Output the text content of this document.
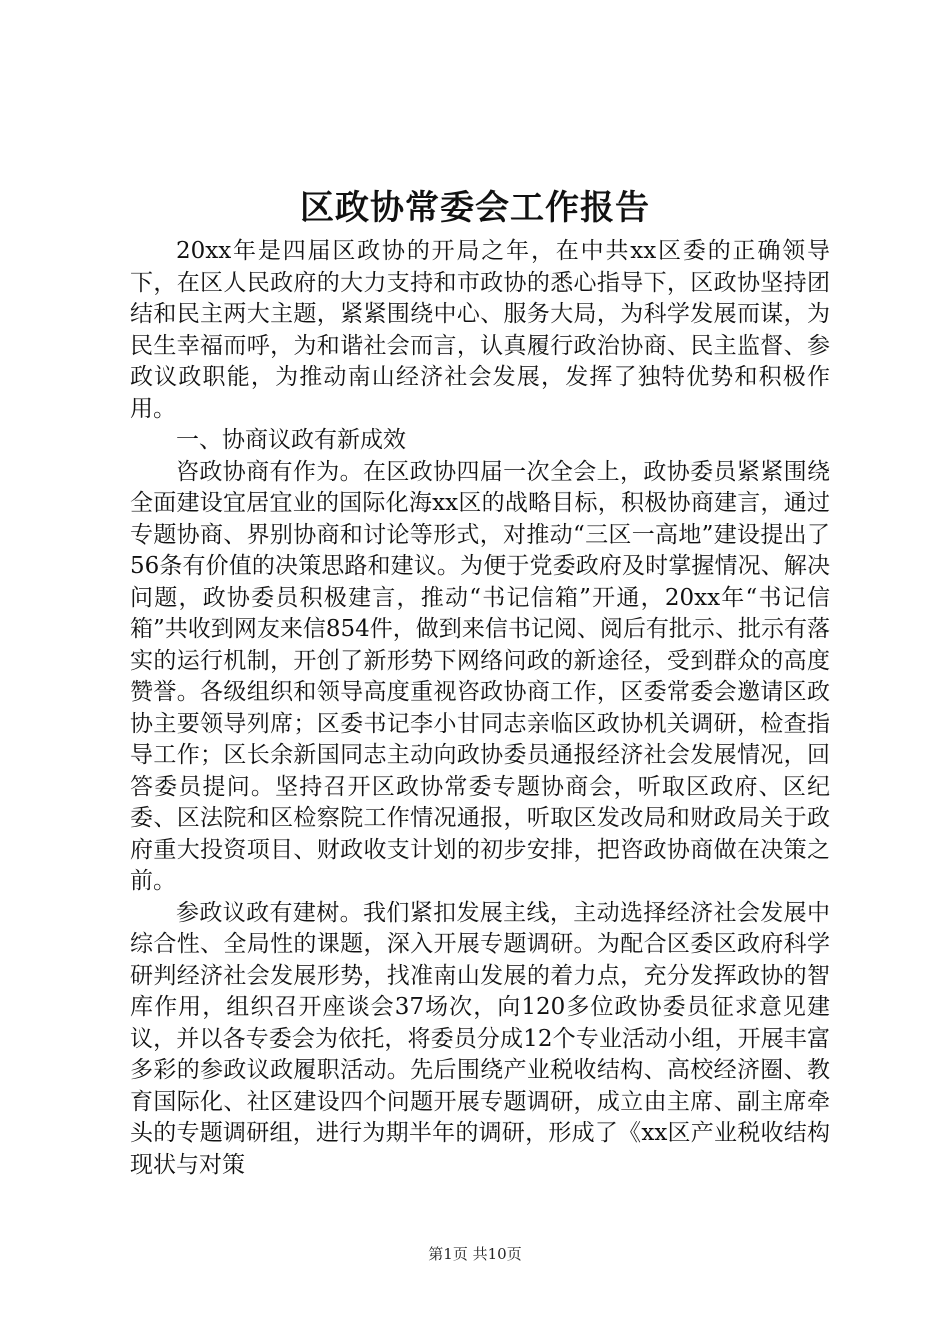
区政协常委会工作报告

20xx年是四届区政协的开局之年，在中共xx区委的正确领导下，在区人民政府的大力支持和市政协的悉心指导下，区政协坚持团结和民主两大主题，紧紧围绕中心、服务大局，为科学发展而谋，为民生幸福而呼，为和谐社会而言，认真履行政治协商、民主监督、参政议政职能，为推动南山经济社会发展，发挥了独特优势和积极作用。

一、协商议政有新成效

咨政协商有作为。在区政协四届一次全会上，政协委员紧紧围绕全面建设宜居宜业的国际化海xx区的战略目标，积极协商建言，通过专题协商、界别协商和讨论等形式，对推动“三区一高地”建设提出了56条有价值的决策思路和建议。为便于党委政府及时掌握情况、解决问题，政协委员积极建言，推动“书记信箱”开通，20xx年“书记信箱”共收到网友来信854件，做到来信书记阅、阅后有批示、批示有落实的运行机制，开创了新形势下网络问政的新途径，受到群众的高度赞誉。各级组织和领导高度重视咨政协商工作，区委常委会邀请区政协主要领导列席；区委书记李小甘同志亲临区政协机关调研，检查指导工作；区长余新国同志主动向政协委员通报经济社会发展情况，回答委员提问。坚持召开区政协常委专题协商会，听取区政府、区纪委、区法院和区检察院工作情况通报，听取区发改局和财政局关于政府重大投资项目、财政收支计划的初步安排，把咨政协商做在决策之前。

参政议政有建树。我们紧扣发展主线，主动选择经济社会发展中综合性、全局性的课题，深入开展专题调研。为配合区委区政府科学研判经济社会发展形势，找准南山发展的着力点，充分发挥政协的智库作用，组织召开座谈会37场次，向120多位政协委员征求意见建议，并以各专委会为依托，将委员分成12个专业活动小组，开展丰富多彩的参政议政履职活动。先后围绕产业税收结构、高校经济圈、教育国际化、社区建设四个问题开展专题调研，成立由主席、副主席牵头的专题调研组，进行为期半年的调研，形成了《xx区产业税收结构现状与对策

第1页 共10页
